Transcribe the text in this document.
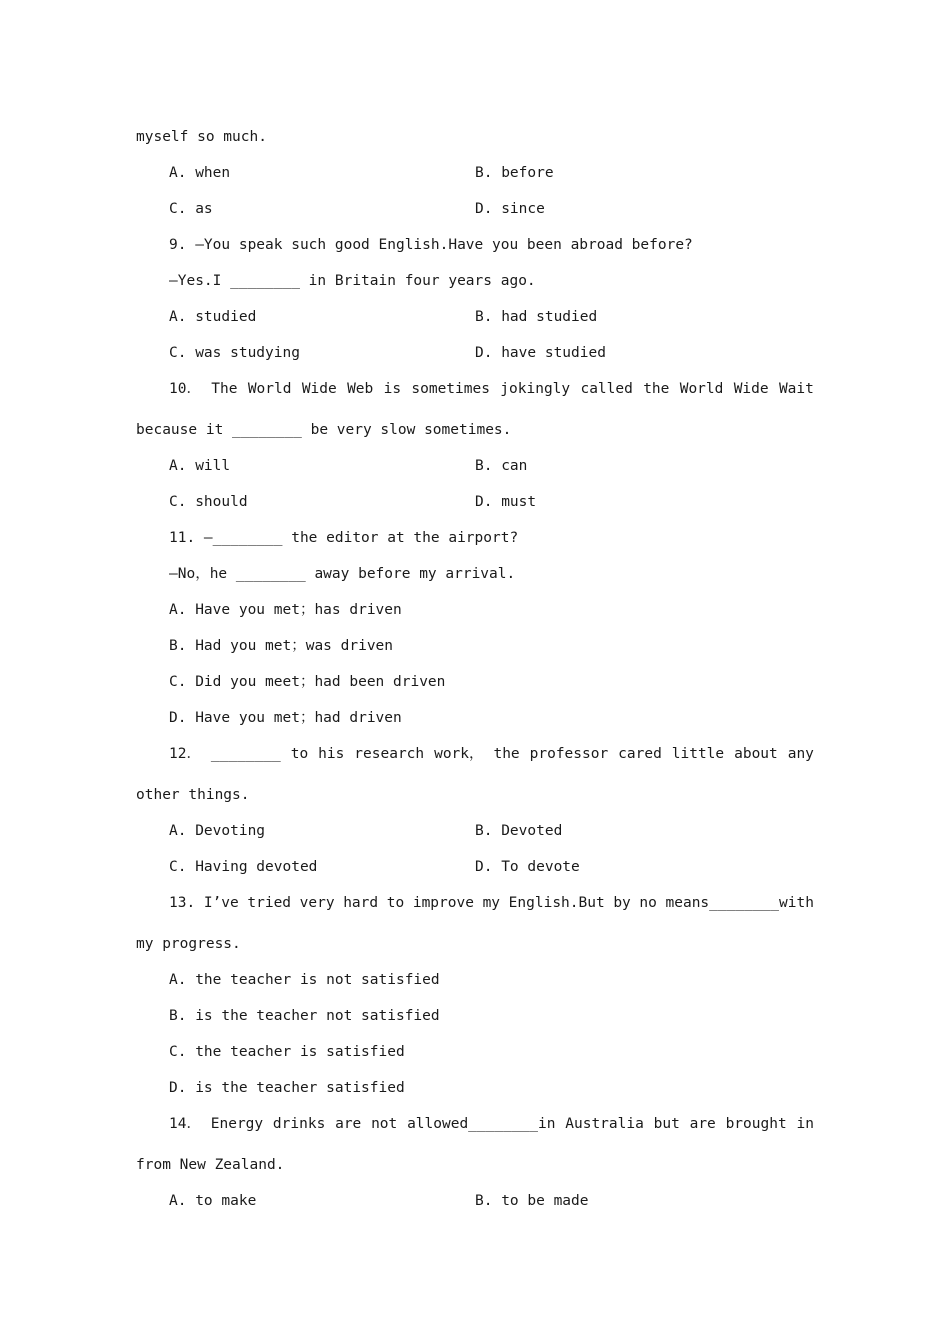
myself so much.
A. when	B. before
C. as	D. since
9. —You speak such good English.Have you been abroad before?
—Yes.I ________ in Britain four years ago.
A. studied	B. had studied
C. was studying	D. have studied
10． The World Wide Web is sometimes jokingly called the World Wide Wait
because it ________ be very slow sometimes.
A. will	B. can
C. should	D. must
11. —________ the editor at the airport?
—No，he ________ away before my arrival.
A. Have you met；has driven
B. Had you met；was driven
C. Did you meet；had been driven
D. Have you met；had driven
12． ________ to his research work， the professor cared little about any
other things.
A. Devoting	B. Devoted
C. Having devoted	D. To devote
13. I’ve tried very hard to improve my English.But by no means________with
my progress.
A. the teacher is not satisfied
B. is the teacher not satisfied
C. the teacher is satisfied
D. is the teacher satisfied
14． Energy drinks are not allowed________in Australia but are brought in
from New Zealand.
A. to make	B. to be made
